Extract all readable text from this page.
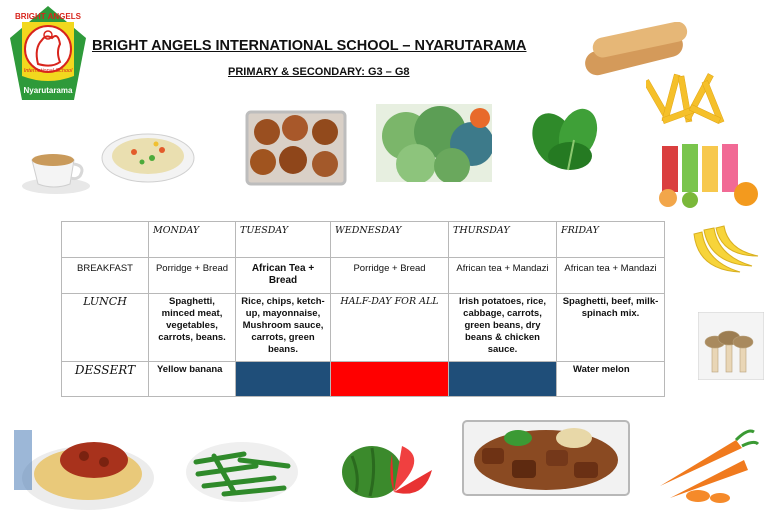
BRIGHT ANGELS
International School
Nyarutarama
BRIGHT ANGELS INTERNATIONAL SCHOOL – NYARUTARAMA
PRIMARY & SECONDARY: G3 – G8
	MONDAY	TUESDAY	WEDNESDAY	THURSDAY	FRIDAY
BREAKFAST	Porridge + Bread	African Tea + Bread	Porridge + Bread	African tea + Mandazi	African tea + Mandazi
LUNCH	Spaghetti, minced meat, vegetables, carrots, beans.	Rice, chips, ketch-up, mayonnaise, Mushroom sauce, carrots, green beans.	HALF-DAY FOR ALL	Irish potatoes, rice, cabbage, carrots, green beans, dry beans & chicken sauce.	Spaghetti, beef, milk-spinach mix.
DESSERT	Yellow banana				Water melon
